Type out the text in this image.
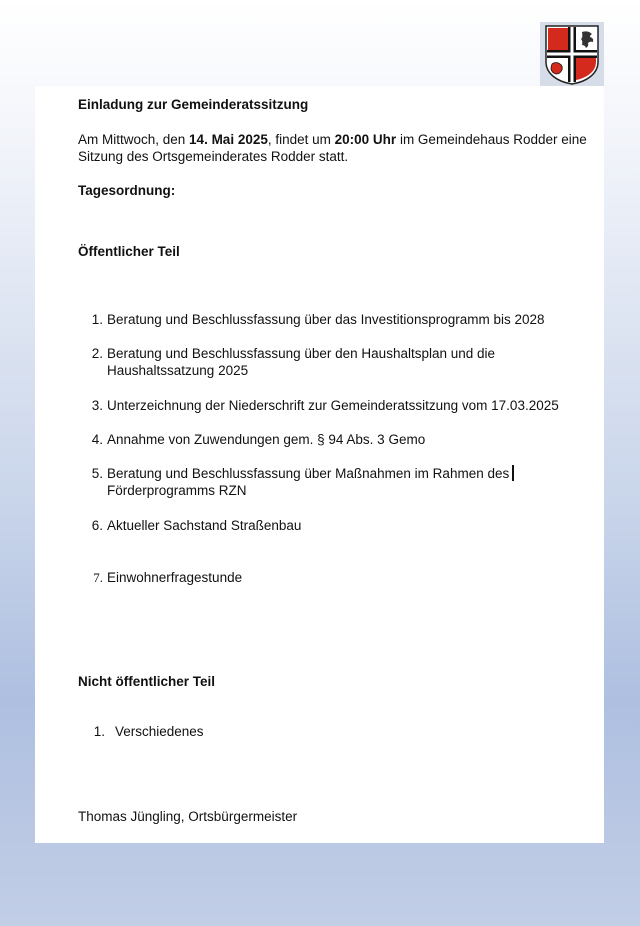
Einladung zur Gemeinderatssitzung
Am Mittwoch, den 14. Mai 2025, findet um 20:00 Uhr im Gemeindehaus Rodder eine
Sitzung des Ortsgemeinderates Rodder statt.
Tagesordnung:
Öffentlicher Teil
1. Beratung und Beschlussfassung über das Investitionsprogramm bis 2028
2. Beratung und Beschlussfassung über den Haushaltsplan und die
Haushaltssatzung 2025
3. Unterzeichnung der Niederschrift zur Gemeinderatssitzung vom 17.03.2025
4. Annahme von Zuwendungen gem. § 94 Abs. 3 Gemo
5. Beratung und Beschlussfassung über Maßnahmen im Rahmen des
Förderprogramms RZN
6. Aktueller Sachstand Straßenbau
7. Einwohnerfragestunde
Nicht öffentlicher Teil
1. Verschiedenes
Thomas Jüngling, Ortsbürgermeister
